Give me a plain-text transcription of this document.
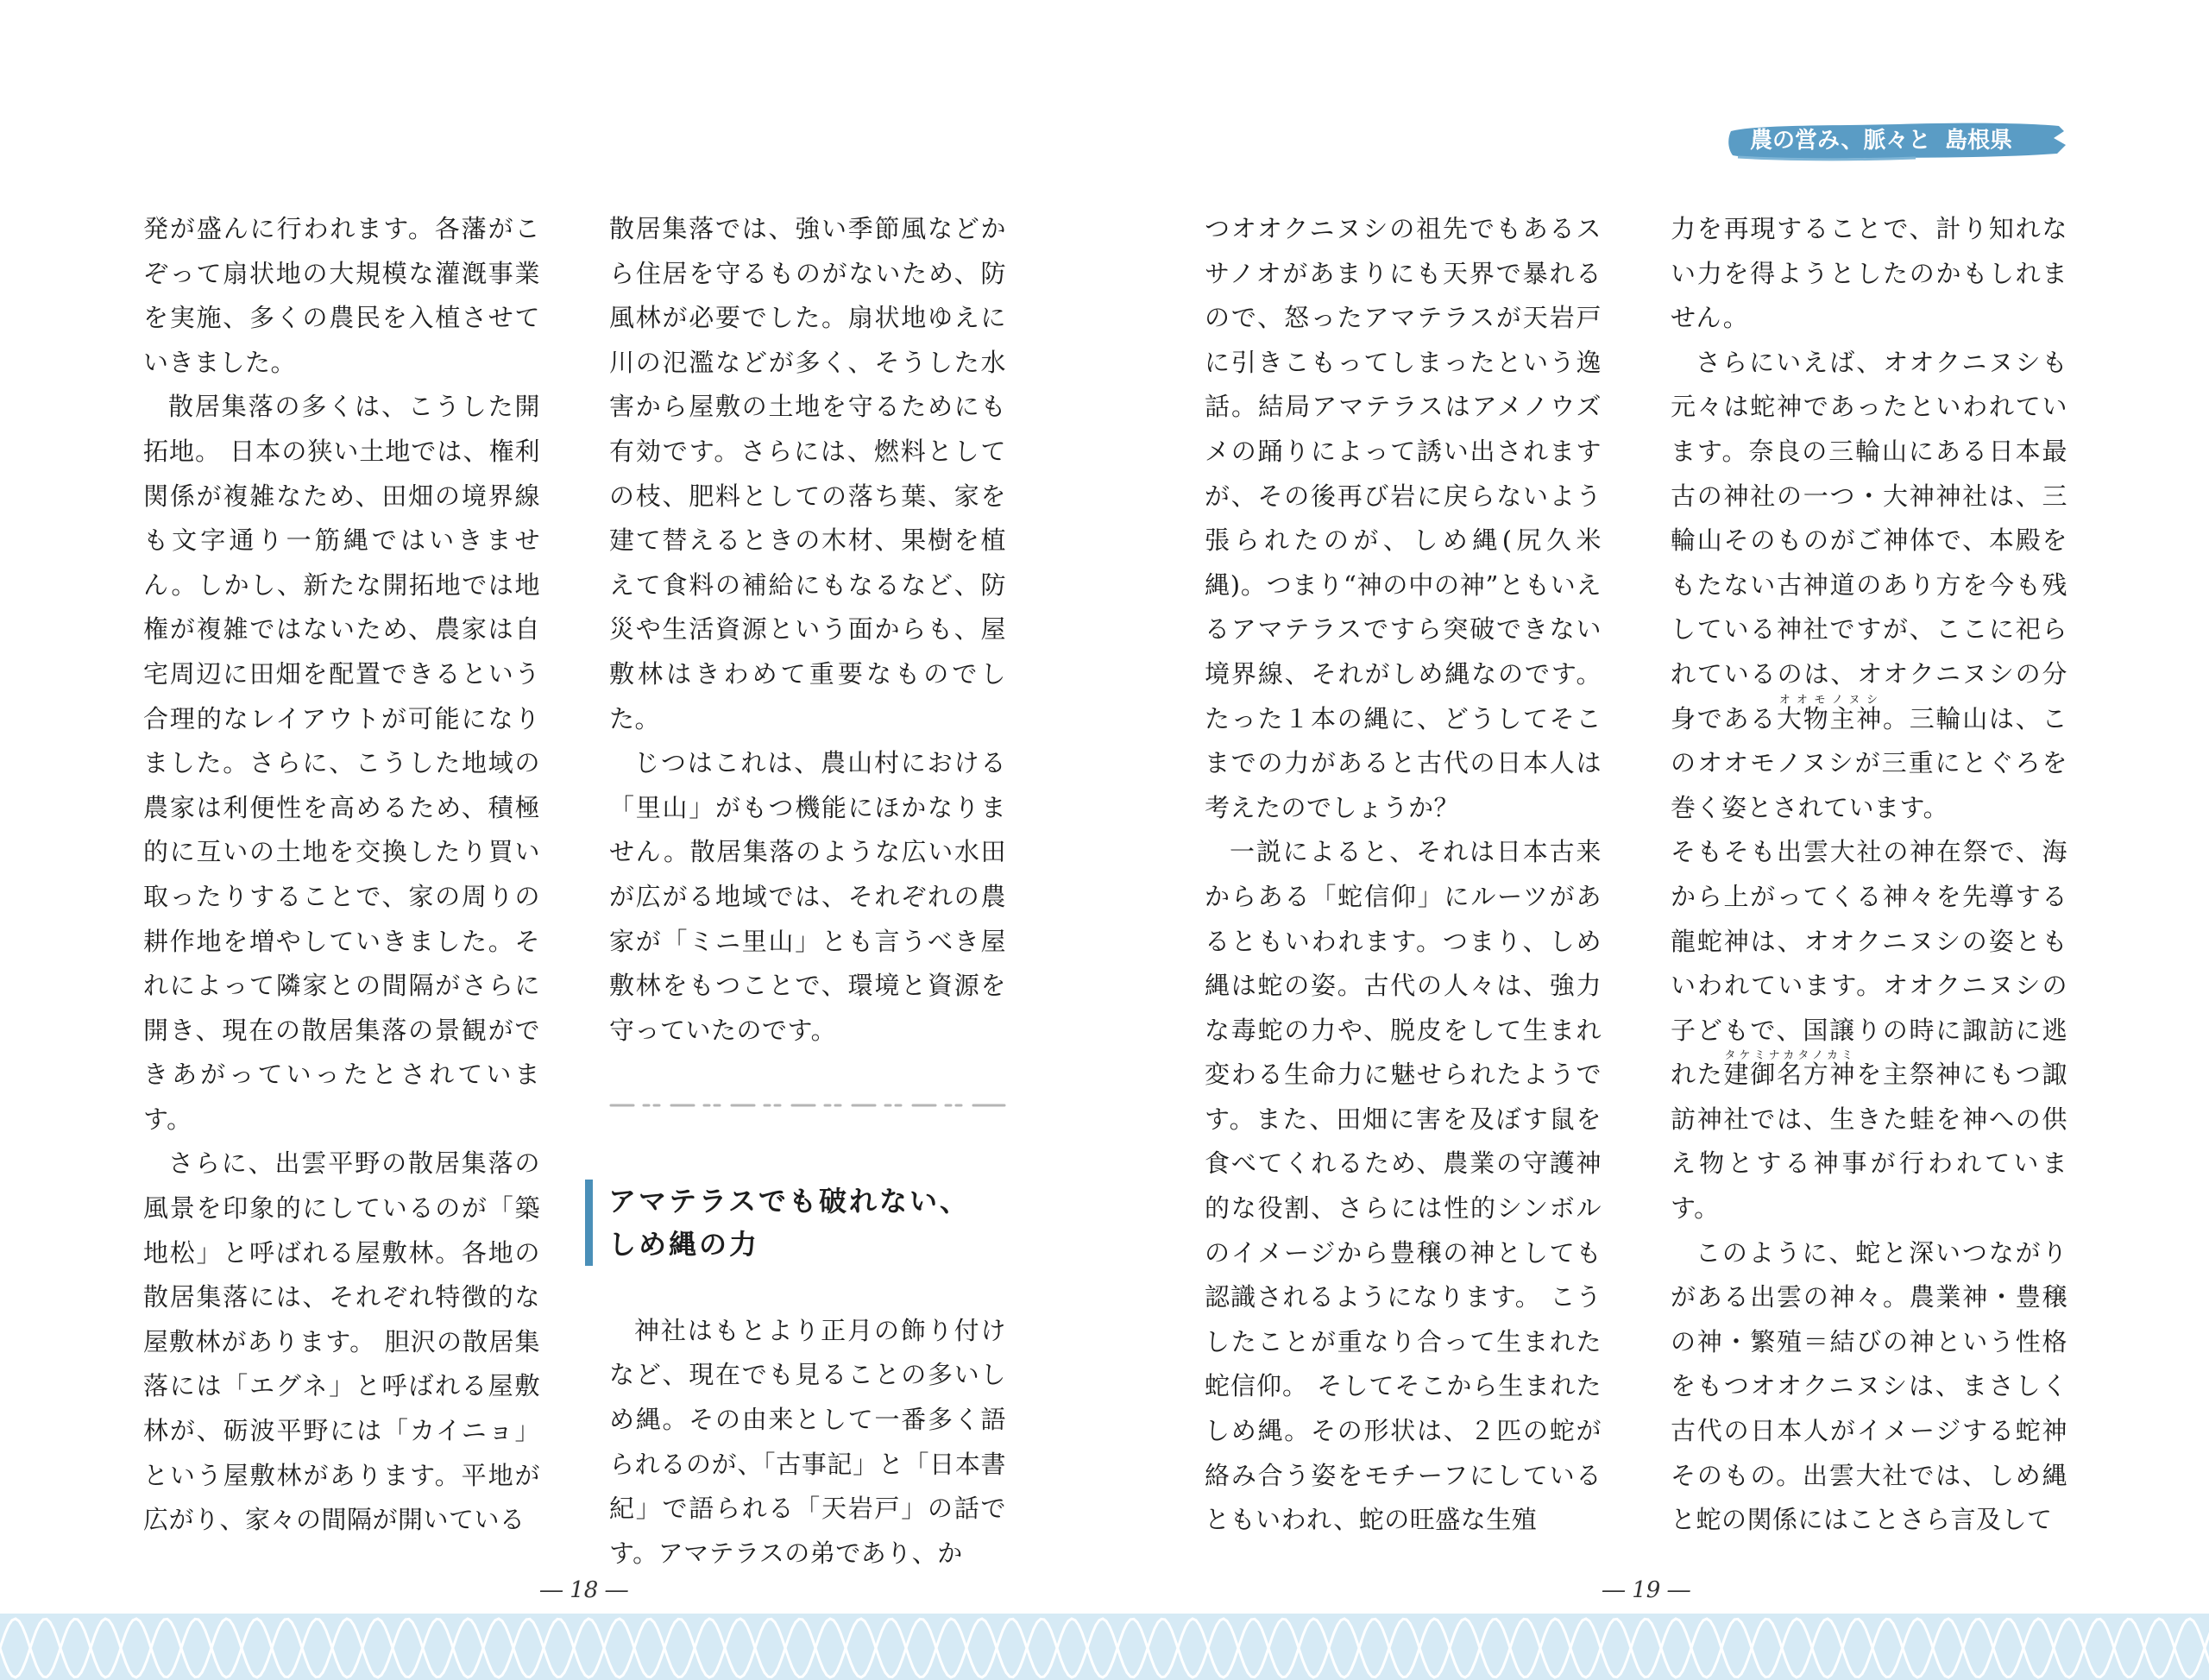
農の営み、脈々と 島根県

発が盛んに行われます。各藩がこぞって扇状地の大規模な灌漑事業を実施、多くの農民を入植させていきました。

散居集落の多くは、こうした開拓地。 日本の狭い土地では、権利関係が複雑なため、田畑の境界線も文字通り一筋縄ではいきません。しかし、新たな開拓地では地権が複雑ではないため、農家は自宅周辺に田畑を配置できるという合理的なレイアウトが可能になりました。さらに、こうした地域の農家は利便性を高めるため、積極的に互いの土地を交換したり買い取ったりすることで、家の周りの耕作地を増やしていきました。それによって隣家との間隔がさらに開き、現在の散居集落の景観ができあがっていったとされています。

さらに、出雲平野の散居集落の風景を印象的にしているのが「築地松」と呼ばれる屋敷林。各地の散居集落には、それぞれ特徴的な屋敷林があります。 胆沢の散居集落には「エグネ」と呼ばれる屋敷林が、砺波平野には「カイニョ」という屋敷林があります。平地が広がり、家々の間隔が開いている

散居集落では、強い季節風などから住居を守るものがないため、防風林が必要でした。扇状地ゆえに川の氾濫などが多く、そうした水害から屋敷の土地を守るためにも有効です。さらには、燃料としての枝、肥料としての落ち葉、家を建て替えるときの木材、果樹を植えて食料の補給にもなるなど、防災や生活資源という面からも、屋敷林はきわめて重要なものでした。

じつはこれは、農山村における「里山」がもつ機能にほかなりません。散居集落のような広い水田が広がる地域では、それぞれの農家が「ミニ里山」とも言うべき屋敷林をもつことで、環境と資源を守っていたのです。

アマテラスでも破れない、
しめ縄の力

神社はもとより正月の飾り付けなど、現在でも見ることの多いしめ縄。その由来として一番多く語られるのが、「古事記」と「日本書紀」で語られる「天岩戸」の話です。アマテラスの弟であり、か

つオオクニヌシの祖先でもあるスサノオがあまりにも天界で暴れるので、怒ったアマテラスが天岩戸に引きこもってしまったという逸話。結局アマテラスはアメノウズメの踊りによって誘い出されますが、その後再び岩に戻らないよう張られたのが、しめ縄(尻久米縄)。つまり“神の中の神”ともいえるアマテラスですら突破できない境界線、それがしめ縄なのです。たった１本の縄に、どうしてそこまでの力があると古代の日本人は考えたのでしょうか？

一説によると、それは日本古来からある「蛇信仰」にルーツがあるともいわれます。つまり、しめ縄は蛇の姿。古代の人々は、強力な毒蛇の力や、脱皮をして生まれ変わる生命力に魅せられたようです。また、田畑に害を及ぼす鼠を食べてくれるため、農業の守護神的な役割、さらには性的シンボルのイメージから豊穣の神としても認識されるようになります。 こうしたことが重なり合って生まれた蛇信仰。 そしてそこから生まれたしめ縄。その形状は、２匹の蛇が絡み合う姿をモチーフにしているともいわれ、蛇の旺盛な生殖

力を再現することで、計り知れない力を得ようとしたのかもしれません。

さらにいえば、オオクニヌシも元々は蛇神であったといわれています。奈良の三輪山にある日本最古の神社の一つ・大神神社は、三輪山そのものがご神体で、本殿をもたない古神道のあり方を今も残している神社ですが、ここに祀られているのは、オオクニヌシの分身である大物主神オオモノヌシ。三輪山は、このオオモノヌシが三重にとぐろを巻く姿とされています。

そもそも出雲大社の神在祭で、海から上がってくる神々を先導する龍蛇神は、オオクニヌシの姿ともいわれています。オオクニヌシの子どもで、国譲りの時に諏訪に逃れた建御名方神タケミナカタノカミを主祭神にもつ諏訪神社では、生きた蛙を神への供え物とする神事が行われています。

このように、蛇と深いつながりがある出雲の神々。農業神・豊穣の神・繁殖＝結びの神という性格をもつオオクニヌシは、まさしく古代の日本人がイメージする蛇神そのもの。出雲大社では、しめ縄と蛇の関係にはことさら言及して

― 18 ―	― 19 ―
